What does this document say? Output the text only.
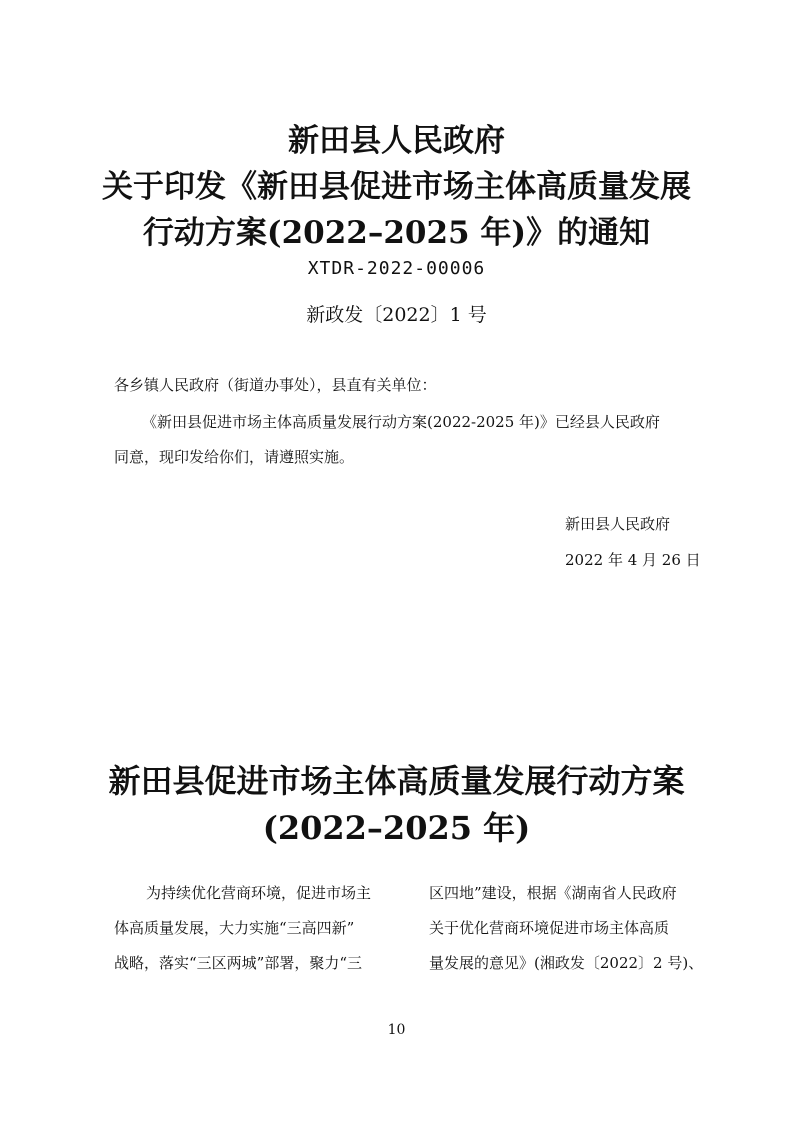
新田县人民政府
关于印发《新田县促进市场主体高质量发展
行动方案(2022–2025 年)》的通知
XTDR-2022-00006
新政发〔2022〕1 号

各乡镇人民政府（街道办事处），县直有关单位：

《新田县促进市场主体高质量发展行动方案(2022-2025 年)》已经县人民政府

同意，现印发给你们，请遵照实施。

新田县人民政府

2022 年 4 月 26 日

新田县促进市场主体高质量发展行动方案
(2022–2025 年)
为持续优化营商环境，促进市场主
体高质量发展，大力实施“三高四新”
战略，落实“三区两城”部署，聚力“三
区四地”建设，根据《湖南省人民政府
关于优化营商环境促进市场主体高质
量发展的意见》(湘政发〔2022〕2 号)、
10
